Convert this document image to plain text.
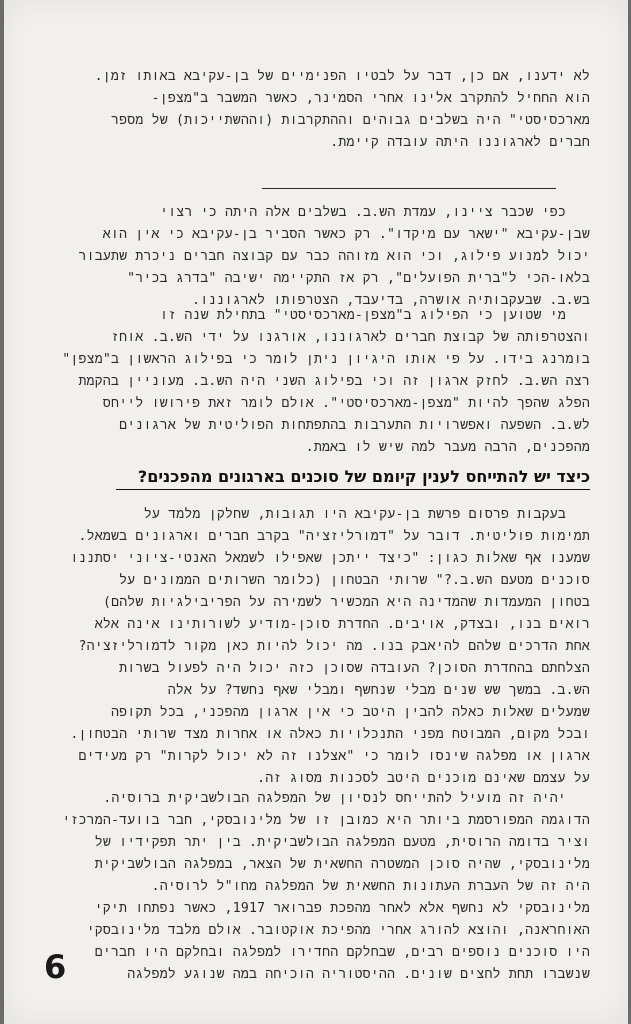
לא ידענו, אם כן, דבר על לבטיו הפנימיים של בן-עקיבא באותו זמן.
הוא החחיל להתקרב אלינו אחרי הסמינר, כאשר המשבר ב"מצפן-
מארכסיסטי" היה בשלבים גבוהים וההתקרבות (וההשתייכות) של מספר
חברים לארגוננו היתה עובדה קיימת.
כפי שכבר ציינו, עמדת הש.ב. בשלבים אלה היתה כי רצוי
שבן-עקיבא "ישאר עם מיקדו". רק כאשר הסביר בן-עקיבא כי אין הוא
יכול למנוע פילוג, וכי הוא מזוהה כבר עם קבוצה חברים ניכרת שתעבור
בלאו-הכי ל"ברית הפועלים", רק אז התקיימה ישיבה "בדרג בכיר"
בש.ב. שבעקבותיה אושרה, בדיעבד, הצטרפותו לארגוננו.
מי שטוען כי הפילוג ב"מצפן-מארכסיסטי" בתחילת שנה זו
והצטרפותה של קבוצת חברים לארגוננו, אורגנו על ידי הש.ב. אוחז
בומרנג בידו. על פי אותו היגיון ניתן לומר כי בפילוג הראשון ב"מצפן"
רצה הש.ב. לחזק ארגון זה וכי בפילוג השני היה הש.ב. מעוניין בהקמת
הפלג שהפך להיות "מצפן-מארכסיסטי". אולם לומר זאת פירושו לייחס
לש.ב. השפעה ואפשרויות התערבות בהתפתחות הפוליטית של ארגונים
מהפכנים, הרבה מעבר למה שיש לו באמת.
כיצד יש להתייחס לענין קיומם של סוכנים בארגונים מהפכנים?
בעקבות פרסום פרשת בן-עקיבא היו תגובות, שחלקן מלמד על
תמימות פוליטית. דובר על "דמורליזציה" בקרב חברים וארגונים בשמאל.
שמענו אף שאלות כגון: "כיצד ייתכן שאפילו לשמאל האנטי-ציוני יסתננו
סוכנים מטעם הש.ב.?" שרותי הבטחון (כלומר השרותים הממונים על
בטחון המעמדות שהמדינה היא המכשיר לשמירה על הפריבילגיות שלהם)
רואים בנו, ובצדק, אויבים. החדרת סוכן-מודיע לשורותינו אינה אלא
אחת הדרכים שלהם להיאבק בנו. מה יכול להיות כאן מקור לדמורליזציה?
הצלחתם בהחדרת הסוכן? העובדה שסוכן כזה יכול היה לפעול בשרות
הש.ב. במשך שש שנים מבלי שנחשף ומבלי שאף נחשד? על אלה
שמעלים שאלות כאלה להבין היטב כי אין ארגון מהפכני, בכל תקופה
ובכל מקום, המבוטח מפני התנכלויות כאלה או אחרות מצד שרותי הבטחון.
ארגון או מפלגה שינסו לומר כי "אצלנו זה לא יכול לקרות" רק מעידים
על עצמם שאינם מוכנים היטב לסכנות מסוג זה.
יהיה זה מועיל להתייחס לנסיון של המפלגה הבולשביקית ברוסיה.
הדוגמה המפורסמת ביותר היא כמובן זו של מלינובסקי, חבר בוועד-המרכזי
וציר בדומה הרוסית, מטעם המפלגה הבולשביקית. בין יתר תפקידיו של
מלינובסקי, שהיה סוכן המשטרה החשאית של הצאר, במפלגה הבולשביקית
היה זה של העברת העתונות החשאית של המפלגה מחו"ל לרוסיה.
מלינובסקי לא נחשף אלא לאחר מהפכת פברואר 1917, כאשר נפתחו תיקי
האוחראנה, והוצא להורג אחרי מהפיכת אוקטובר. אולם מלבד מלינובסקי
היו סוכנים נוספים רבים, שבחלקם החדירו למפלגה ובחלקם היו חברים
שנשברו תחת לחצים שונים. ההיסטוריה הוכיחה במה שנוגע למפלגה
6
